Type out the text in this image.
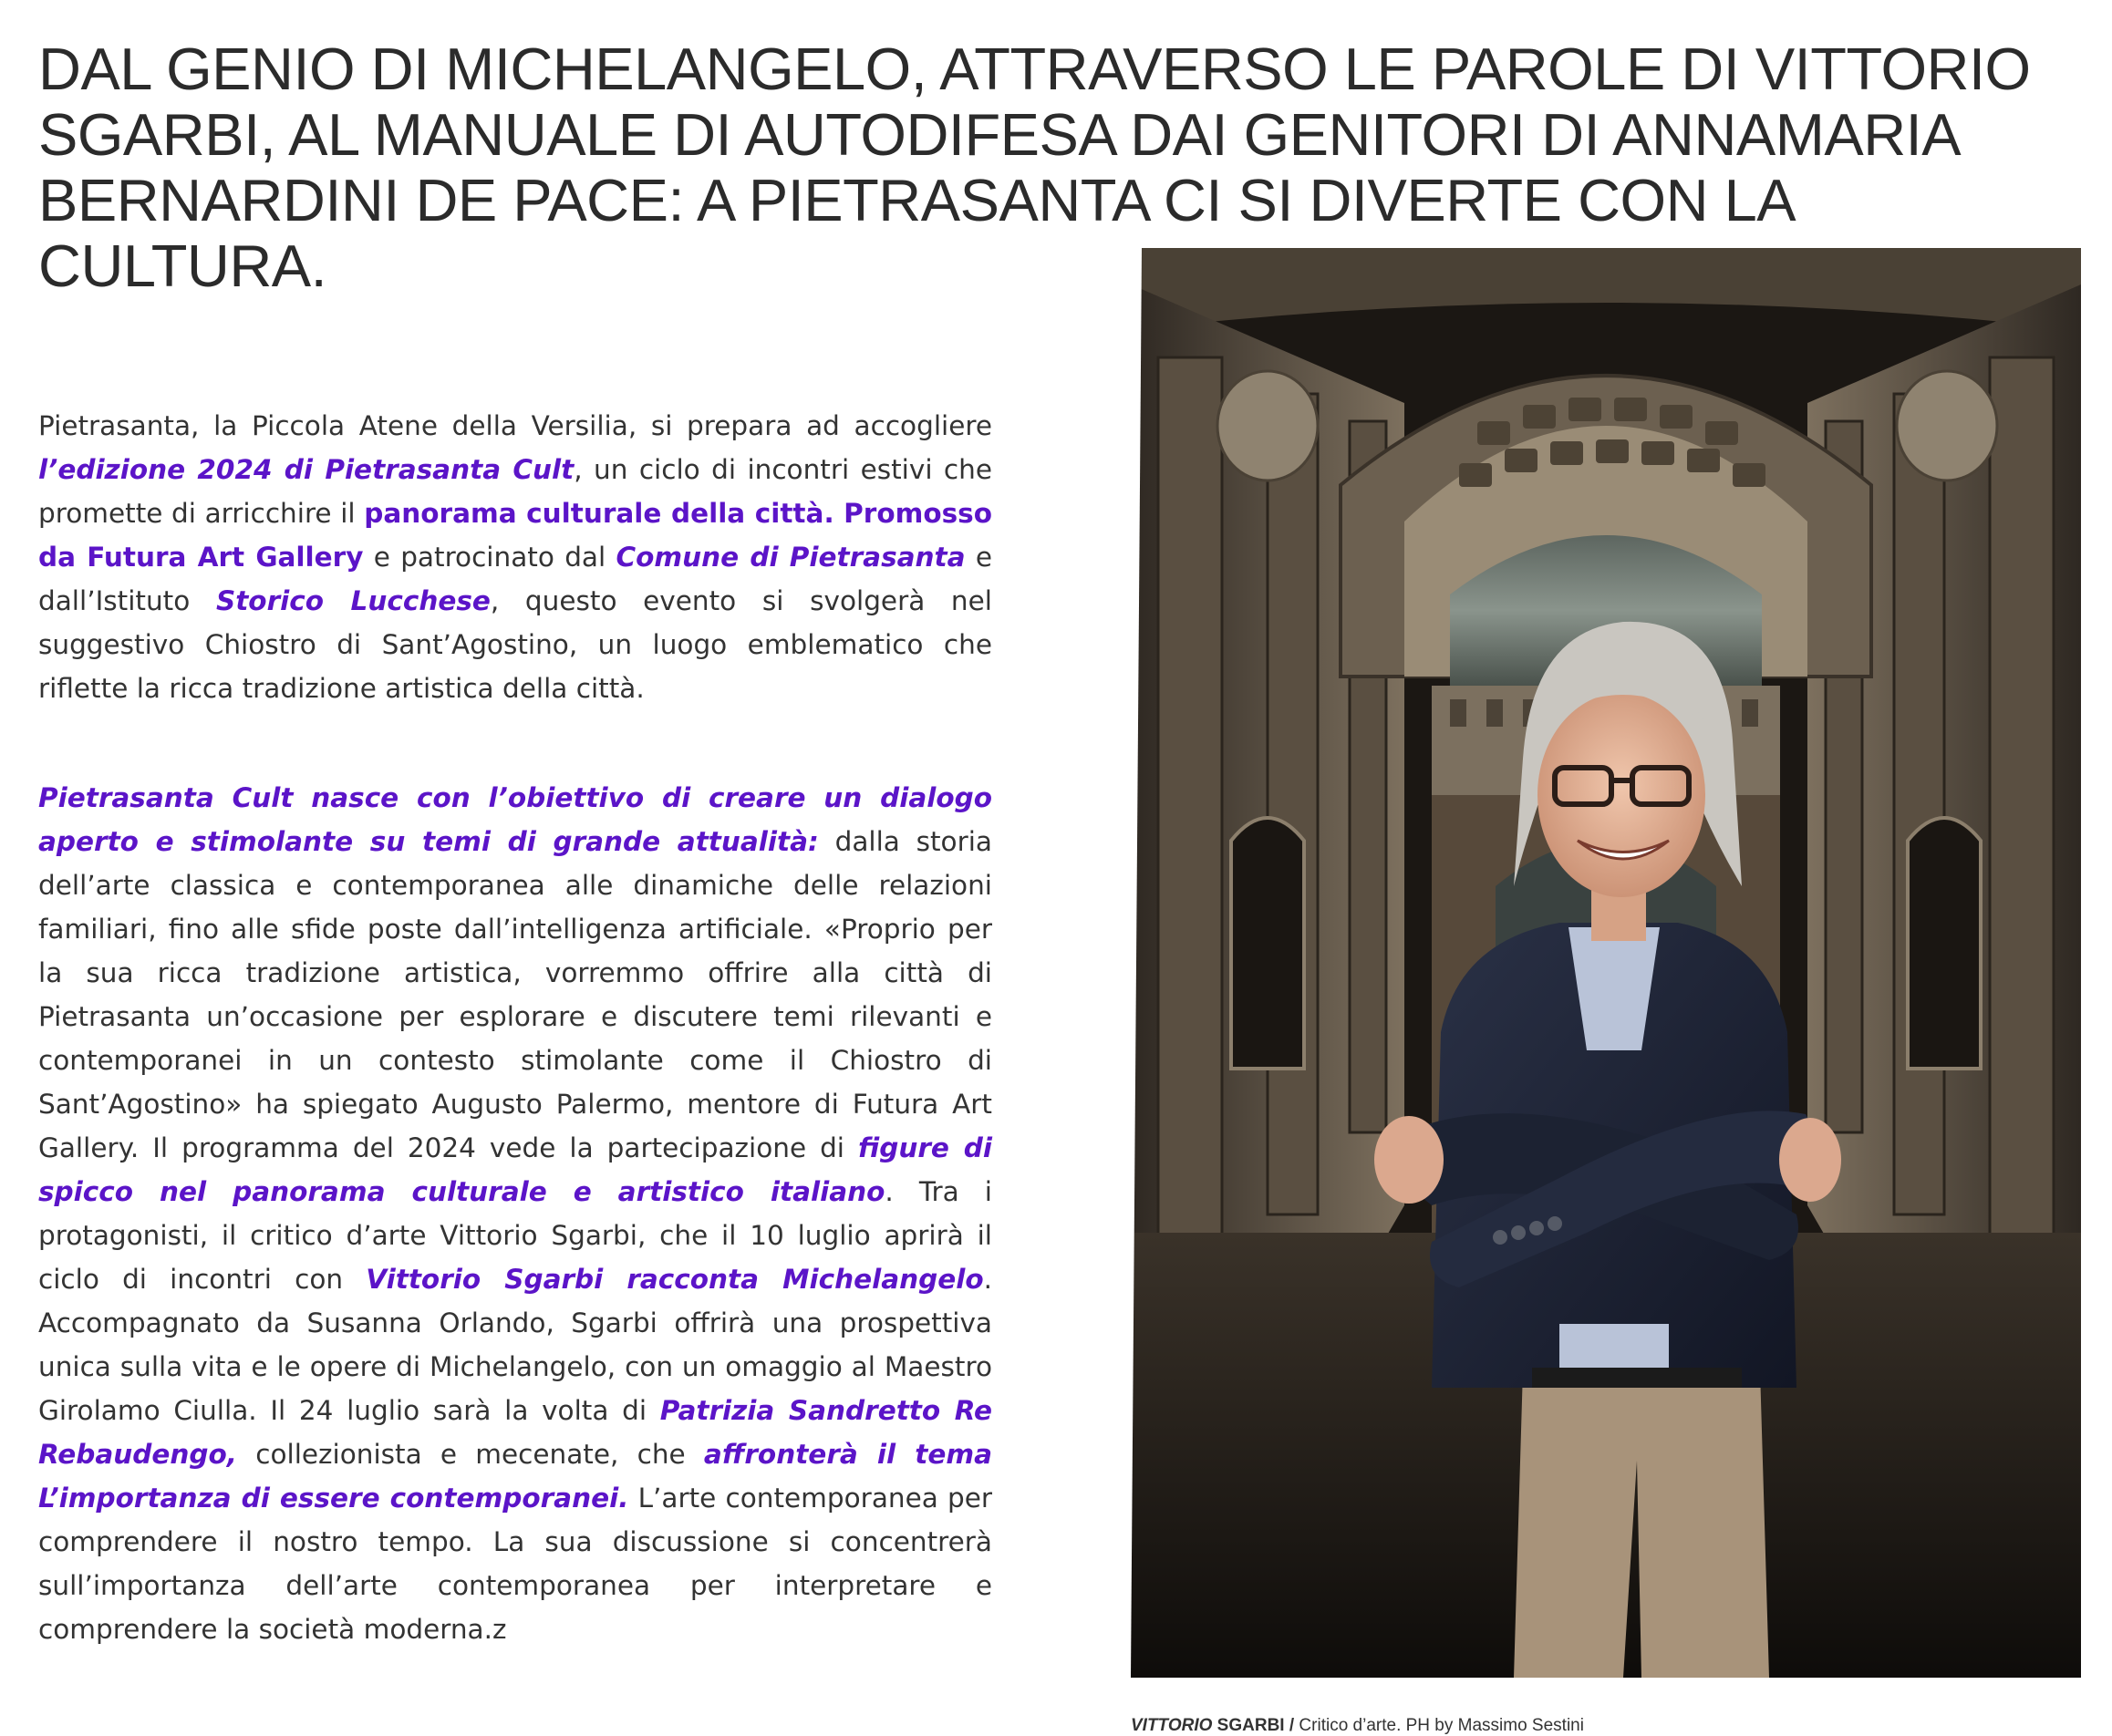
DAL GENIO DI MICHELANGELO, ATTRAVERSO LE PAROLE DI VITTORIO SGARBI, AL MANUALE DI AUTODIFESA DAI GENITORI DI ANNAMARIA BERNARDINI DE PACE: A PIETRASANTA CI SI DIVERTE CON LA CULTURA.

Pietrasanta, la Piccola Atene della Versilia, si prepara ad accogliere l’edizione 2024 di Pietrasanta Cult, un ciclo di incontri estivi che promette di arricchire il panorama culturale della città. Promosso da Futura Art Gallery e patrocinato dal Comune di Pietrasanta e dall’Istituto Storico Lucchese, questo evento si svolgerà nel suggestivo Chiostro di Sant’Agostino, un luogo emblematico che riflette la ricca tradizione artistica della città.

Pietrasanta Cult nasce con l’obiettivo di creare un dialogo aperto e stimolante su temi di grande attualità: dalla storia dell’arte classica e contemporanea alle dinamiche delle relazioni familiari, fino alle sfide poste dall’intelligenza artificiale. «Proprio per la sua ricca tradizione artistica, vorremmo offrire alla città di Pietrasanta un’occasione per esplorare e discutere temi rilevanti e contemporanei in un contesto stimolante come il Chiostro di Sant’Agostino» ha spiegato Augusto Palermo, mentore di Futura Art Gallery. Il programma del 2024 vede la partecipazione di figure di spicco nel panorama culturale e artistico italiano. Tra i protagonisti, il critico d’arte Vittorio Sgarbi, che il 10 luglio aprirà il ciclo di incontri con Vittorio Sgarbi racconta Michelangelo. Accompagnato da Susanna Orlando, Sgarbi offrirà una prospettiva unica sulla vita e le opere di Michelangelo, con un omaggio al Maestro Girolamo Ciulla. Il 24 luglio sarà la volta di Patrizia Sandretto Re Rebaudengo, collezionista e mecenate, che affronterà il tema L’importanza di essere contemporanei. L’arte contemporanea per comprendere il nostro tempo. La sua discussione si concentrerà sull’importanza dell’arte contemporanea per interpretare e comprendere la società moderna.z

VITTORIO SGARBI / Critico d’arte. PH by Massimo Sestini
